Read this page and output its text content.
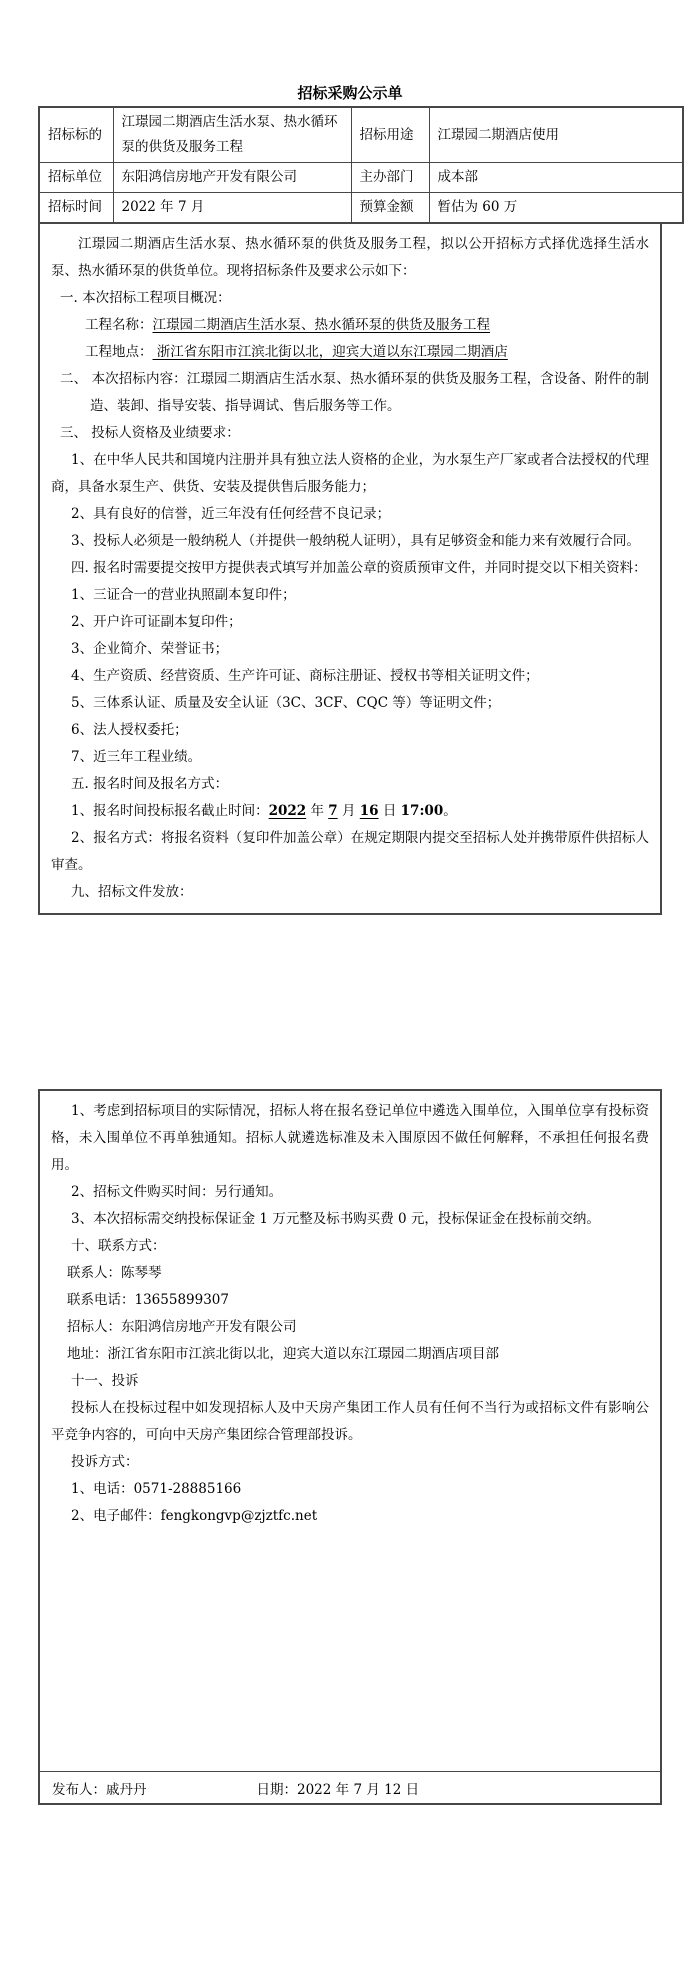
招标采购公示单
招标标的	江璟园二期酒店生活水泵、热水循环泵的供货及服务工程	招标用途	江璟园二期酒店使用
招标单位	东阳鸿信房地产开发有限公司	主办部门	成本部
招标时间	2022 年 7 月	预算金额	暂估为 60 万

江璟园二期酒店生活水泵、热水循环泵的供货及服务工程，拟以公开招标方式择优选择生活水泵、热水循环泵的供货单位。现将招标条件及要求公示如下：

一. 本次招标工程项目概况：

工程名称：江璟园二期酒店生活水泵、热水循环泵的供货及服务工程

工程地点： 浙江省东阳市江滨北街以北，迎宾大道以东江璟园二期酒店

二、 本次招标内容：江璟园二期酒店生活水泵、热水循环泵的供货及服务工程，含设备、附件的制造、装卸、指导安装、指导调试、售后服务等工作。

三、 投标人资格及业绩要求：

1、在中华人民共和国境内注册并具有独立法人资格的企业，为水泵生产厂家或者合法授权的代理商，具备水泵生产、供货、安装及提供售后服务能力；

2、具有良好的信誉，近三年没有任何经营不良记录；

3、投标人必须是一般纳税人（并提供一般纳税人证明），具有足够资金和能力来有效履行合同。

四. 报名时需要提交按甲方提供表式填写并加盖公章的资质预审文件，并同时提交以下相关资料：

1、三证合一的营业执照副本复印件；

2、开户许可证副本复印件；

3、企业简介、荣誉证书；

4、生产资质、经营资质、生产许可证、商标注册证、授权书等相关证明文件；

5、三体系认证、质量及安全认证（3C、3CF、CQC 等）等证明文件；

6、法人授权委托；

7、近三年工程业绩。

五. 报名时间及报名方式：

1、报名时间投标报名截止时间：2022 年 7 月 16 日 17:00。

2、报名方式：将报名资料（复印件加盖公章）在规定期限内提交至招标人处并携带原件供招标人审查。

九、招标文件发放：

1、考虑到招标项目的实际情况，招标人将在报名登记单位中遴选入围单位，入围单位享有投标资格，未入围单位不再单独通知。招标人就遴选标准及未入围原因不做任何解释，不承担任何报名费用。

2、招标文件购买时间：另行通知。

3、本次招标需交纳投标保证金 1 万元整及标书购买费 0 元，投标保证金在投标前交纳。

十、联系方式：

联系人：陈琴琴

联系电话：13655899307

招标人：东阳鸿信房地产开发有限公司

地址：浙江省东阳市江滨北街以北，迎宾大道以东江璟园二期酒店项目部

十一、投诉

投标人在投标过程中如发现招标人及中天房产集团工作人员有任何不当行为或招标文件有影响公平竞争内容的，可向中天房产集团综合管理部投诉。

投诉方式：

1、电话：0571-28885166

2、电子邮件：fengkongvp@zjztfc.net

发布人：戚丹丹	日期：2022 年 7 月 12 日
